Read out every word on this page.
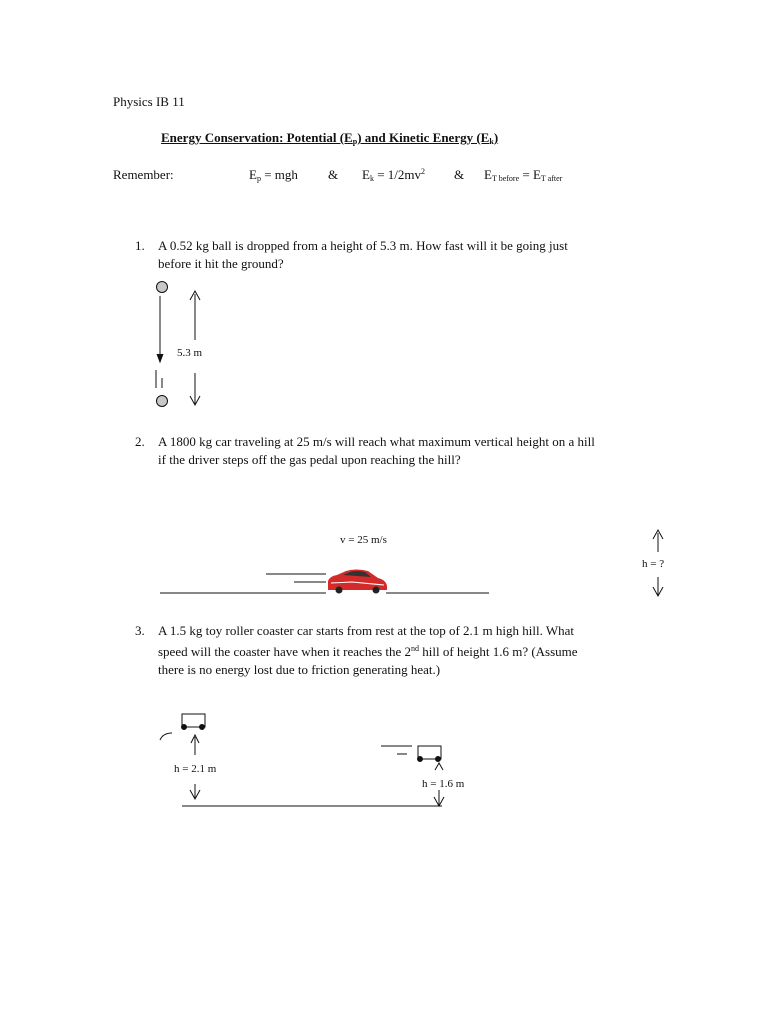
Physics IB 11
Energy Conservation: Potential $(E_p)$ and Kinetic Energy $(E_k)$
Remember:	$E_p$ = mgh & $E_k = 1/2mv^2$ & $E_{T before} = E_{T after}$
1. A 0.52 kg ball is dropped from a height of 5.3 m. How fast will it be going just before it hit the ground?
2. A 1800 kg car traveling at 25 m/s will reach what maximum vertical height on a hill if the driver steps off the gas pedal upon reaching the hill?
3. A 1.5 kg toy roller coaster car starts from rest at the top of 2.1 m high hill. What speed will the coaster have when it reaches the 2nd hill of height 1.6 m? (Assume there is no energy lost due to friction generating heat.)
5.3 m
v = 25 m/s
h = ?
h = 2.1 m
h = 1.6 m
